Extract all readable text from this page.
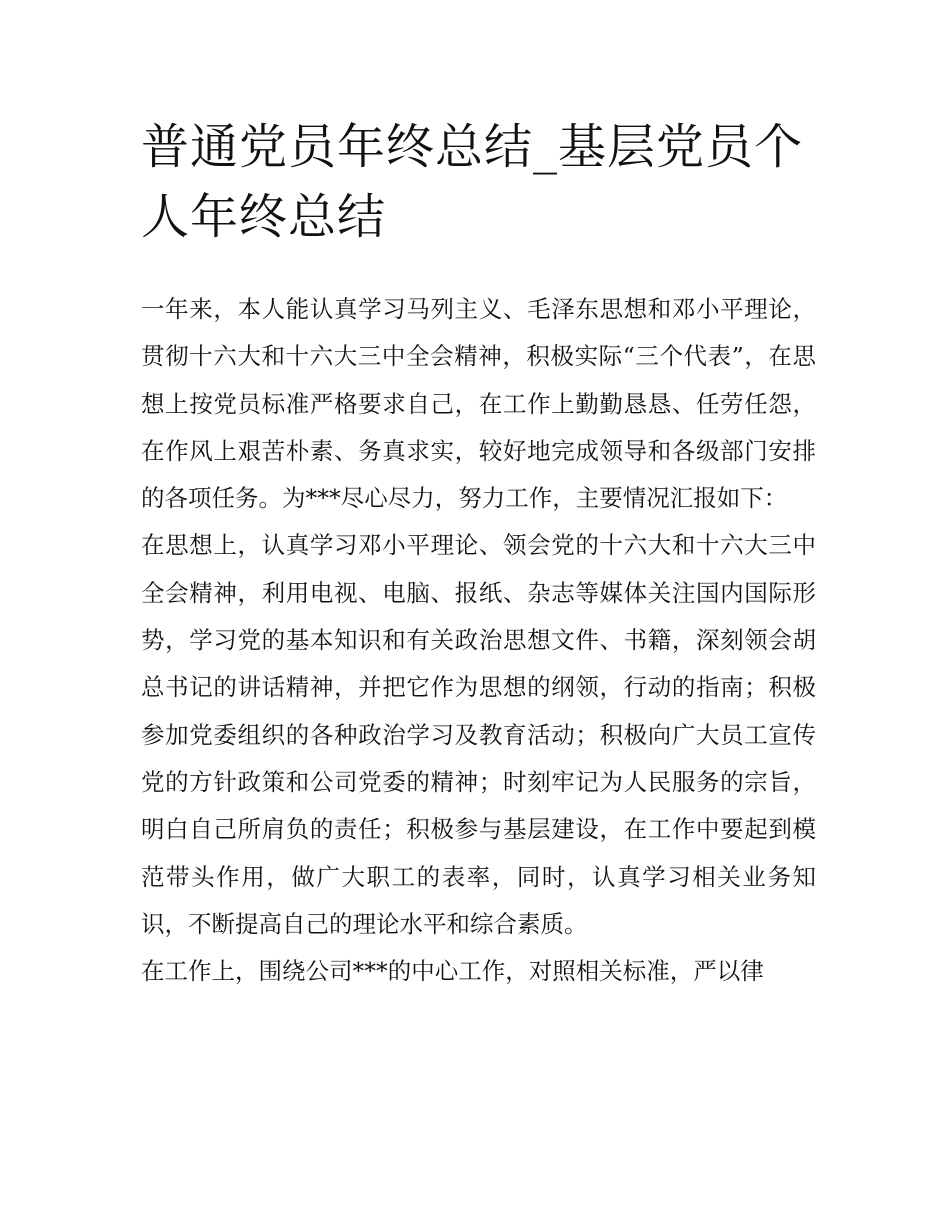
普通党员年终总结_基层党员个人年终总结

一年来，本人能认真学习马列主义、毛泽东思想和邓小平理论，贯彻十六大和十六大三中全会精神，积极实际“三个代表”，在思想上按党员标准严格要求自己，在工作上勤勤恳恳、任劳任怨，在作风上艰苦朴素、务真求实，较好地完成领导和各级部门安排的各项任务。为***尽心尽力，努力工作，主要情况汇报如下：

在思想上，认真学习邓小平理论、领会党的十六大和十六大三中全会精神，利用电视、电脑、报纸、杂志等媒体关注国内国际形势，学习党的基本知识和有关政治思想文件、书籍，深刻领会胡总书记的讲话精神，并把它作为思想的纲领，行动的指南；积极参加党委组织的各种政治学习及教育活动；积极向广大员工宣传党的方针政策和公司党委的精神；时刻牢记为人民服务的宗旨，明白自己所肩负的责任；积极参与基层建设，在工作中要起到模范带头作用，做广大职工的表率，同时，认真学习相关业务知识，不断提高自己的理论水平和综合素质。

在工作上，围绕公司***的中心工作，对照相关标准，严以律
